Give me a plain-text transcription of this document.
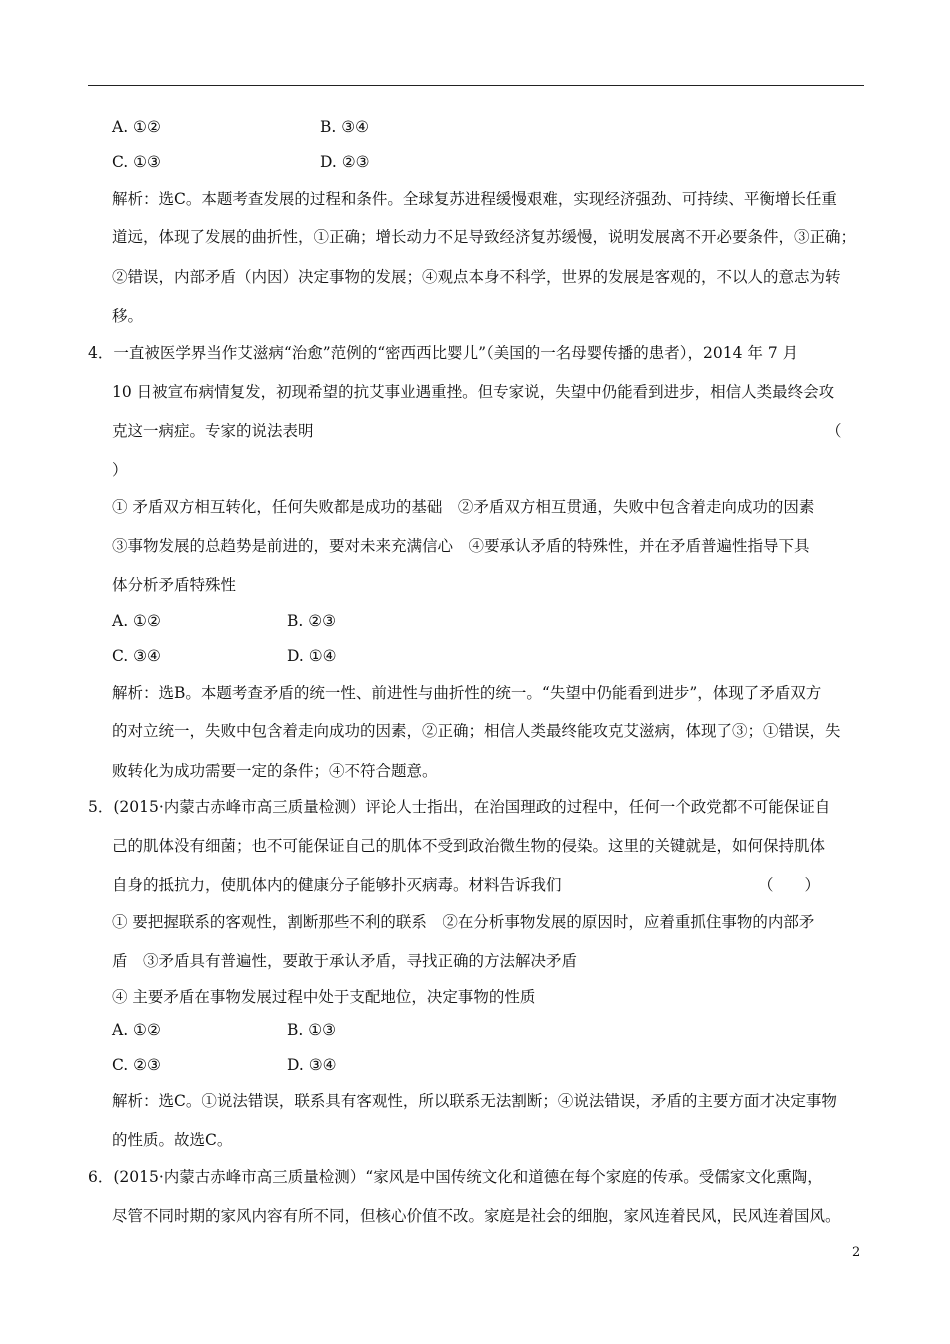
A. ①②	B. ③④
C. ①③	D. ②③
解析：选C。本题考查发展的过程和条件。全球复苏进程缓慢艰难，实现经济强劲、可持续、平衡增长任重
道远，体现了发展的曲折性，①正确；增长动力不足导致经济复苏缓慢，说明发展离不开必要条件，③正确；
②错误，内部矛盾（内因）决定事物的发展；④观点本身不科学，世界的发展是客观的，不以人的意志为转
移。
4．一直被医学界当作艾滋病“治愈”范例的“密西西比婴儿”（美国的一名母婴传播的患者），2014 年 7 月
10 日被宣布病情复发，初现希望的抗艾事业遇重挫。但专家说，失望中仍能看到进步，相信人类最终会攻
克这一病症。专家的说法表明	（
）
① 矛盾双方相互转化，任何失败都是成功的基础　②矛盾双方相互贯通，失败中包含着走向成功的因素
③事物发展的总趋势是前进的，要对未来充满信心　④要承认矛盾的特殊性，并在矛盾普遍性指导下具
体分析矛盾特殊性
A. ①②	B. ②③
C. ③④	D. ①④
解析：选B。本题考查矛盾的统一性、前进性与曲折性的统一。“失望中仍能看到进步”，体现了矛盾双方
的对立统一，失败中包含着走向成功的因素，②正确；相信人类最终能攻克艾滋病，体现了③；①错误，失
败转化为成功需要一定的条件；④不符合题意。
5．(2015·内蒙古赤峰市高三质量检测）评论人士指出，在治国理政的过程中，任何一个政党都不可能保证自
己的肌体没有细菌；也不可能保证自己的肌体不受到政治微生物的侵染。这里的关键就是，如何保持肌体
自身的抵抗力，使肌体内的健康分子能够扑灭病毒。材料告诉我们	（　　）
① 要把握联系的客观性，割断那些不利的联系　②在分析事物发展的原因时，应着重抓住事物的内部矛
盾　③矛盾具有普遍性，要敢于承认矛盾，寻找正确的方法解决矛盾
④ 主要矛盾在事物发展过程中处于支配地位，决定事物的性质
A. ①②	B. ①③
C. ②③	D. ③④
解析：选C。①说法错误，联系具有客观性，所以联系无法割断；④说法错误，矛盾的主要方面才决定事物
的性质。故选C。
6．(2015·内蒙古赤峰市高三质量检测）“家风是中国传统文化和道德在每个家庭的传承。受儒家文化熏陶，
尽管不同时期的家风内容有所不同，但核心价值不改。家庭是社会的细胞，家风连着民风，民风连着国风。
2
